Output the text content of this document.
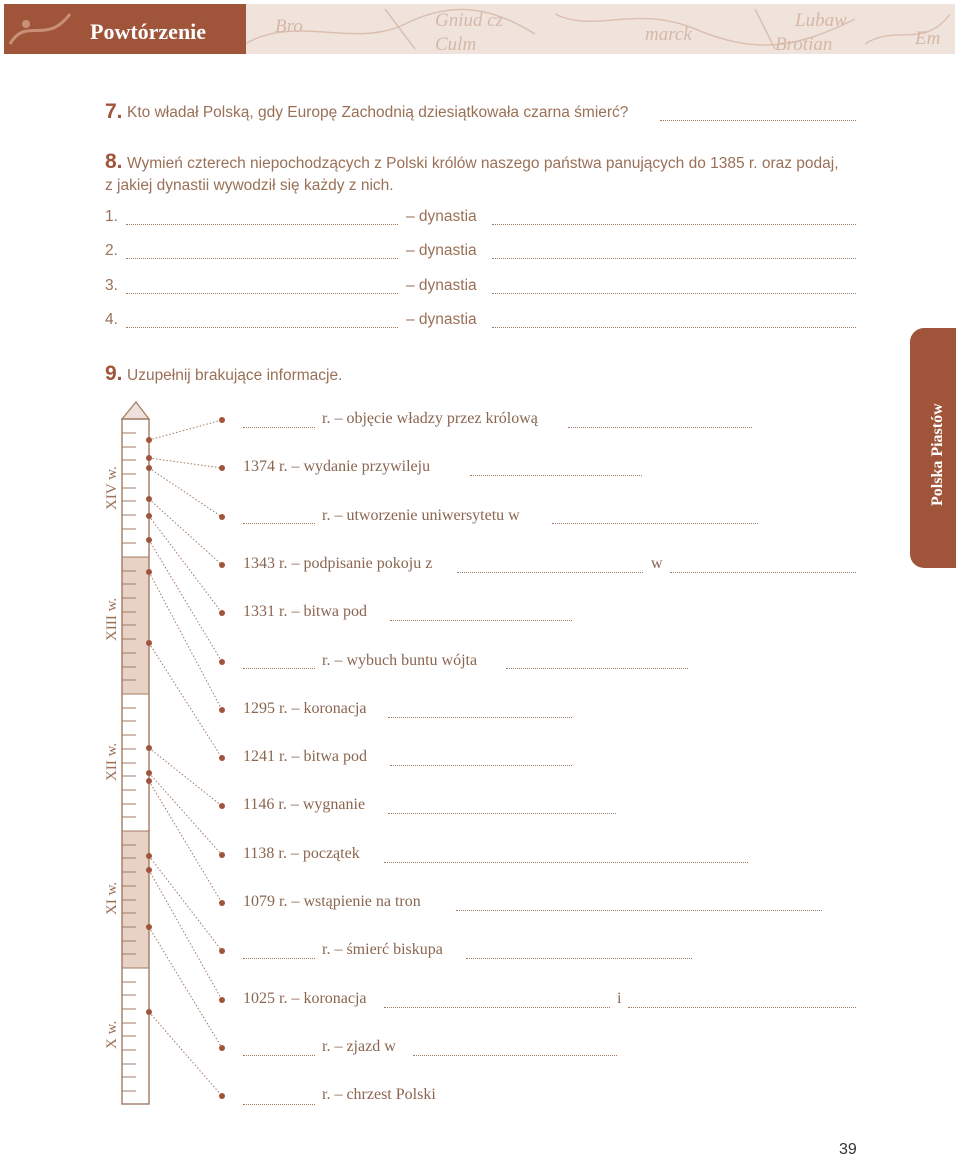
Gniud cz
Bro
Culm	marck
Lubaw
Brotian	Em
Powtórzenie
7. Kto władał Polską, gdy Europę Zachodnią dziesiątkowała czarna śmierć?
8. Wymień czterech niepochodzących z Polski królów naszego państwa panujących do 1385 r. oraz podaj,
z jakiej dynastii wywodził się każdy z nich.
1.	– dynastia
2.	– dynastia
3.	– dynastia
4.	– dynastia
9. Uzupełnij brakujące informacje.
Polska Piastów
XIV w.
XIII w.
XII w.
XI w.
X w.
r. – objęcie władzy przez królową
1374 r. – wydanie przywileju
r. – utworzenie uniwersytetu w
1343 r. – podpisanie pokoju z	w
1331 r. – bitwa pod
r. – wybuch buntu wójta
1295 r. – koronacja
1241 r. – bitwa pod
1146 r. – wygnanie
1138 r. – początek
1079 r. – wstąpienie na tron
r. – śmierć biskupa
1025 r. – koronacja	i
r. – zjazd w
r. – chrzest Polski
39
